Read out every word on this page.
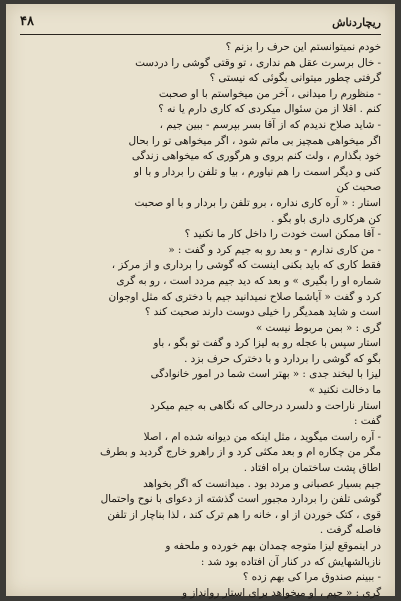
ریچاردناش
۴۸
خودم نمیتوانستم این حرف را بزنم ؟
- خال برسرت عقل هم نداری ، تو وقتی گوشی را دردست
گرفتی چطور میتوانی بگوئی که نیستی ؟
- منظورم را میدانی ، آخر من میخواستم با او صحبت
کنم . اقلا از من سئوال میکردی که کاری دارم یا نه ؟
- شاید صلاح ندیدم که از آقا بسر بپرسم - ببین جیم ،
اگر میخواهی همچیز بی ماتم شود ، اگر میخواهی تو را بحال
خود بگذارم ، ولت کنم بروی و هرگوری که میخواهی زندگی
کنی و دیگر اسمت را هم نیاورم ، بیا و تلفن را بردار و با او
صحبت کن
استار : « آره کاری نداره ، برو تلفن را بردار و با او صحبت
کن هرکاری داری باو بگو .
- آقا ممکن است خودت را داخل کار ما نکنید ؟
- من کاری ندارم - و بعد رو به جیم کرد و گفت : «
فقط کاری که باید بکنی اینست که گوشی را برداری و از مرکز ،
شماره او را بگیری » و بعد که دید جیم مردد است ، رو به گری
کرد و گفت « آیاشما صلاح نمیدانید جیم با دختری که مثل اوجوان
است و شاید همدیگر را خیلی دوست دارند صحبت کند ؟
گری : « بمن مربوط نیست »
استار سپس با عجله رو به لیزا کرد و گفت تو بگو ، باو
بگو که گوشی را بردارد و با دخترک حرف بزد .
لیزا با لبخند جدی : « بهتر است شما در امور خانوادگی
ما دخالت نکنید »
استار ناراحت و دلسرد درحالی که نگاهی به جیم میکرد
گفت :
- آره راست میگوید ، مثل اینکه من دیوانه شده ام ، اصلا
مگر من چکاره ام و بعد مکثی کرد و از راهرو خارج گردید و بطرف
اطاق پشت ساختمان براه افتاد .
جیم بسیار عصبانی و مردد بود . میدانست که اگر بخواهد
گوشی تلفن را بردارد مجبور است گذشته از دعوای با نوح واحتمال
قوی ، کتک خوردن از او ، خانه را هم ترک کند ، لذا بناچار از تلفن
فاصله گرفت .
در اینموقع لیزا متوجه چمدان بهم خورده و ملحفه و
نازبالشهایش که در کنار آن افتاده بود شد :
- ببینم صندوق مرا کی بهم زده ؟
گری : « جیم ، او میخواهد برای استار روانداز و
